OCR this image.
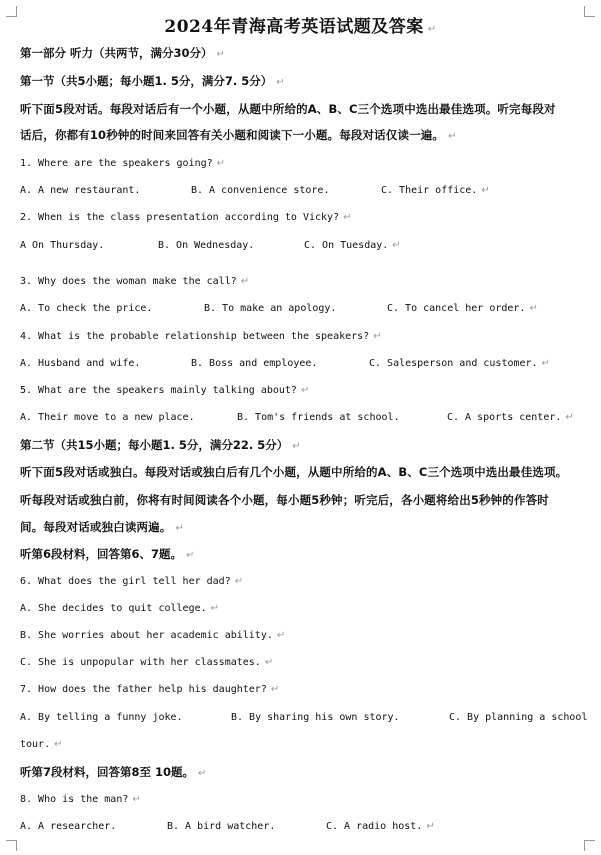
2024年青海高考英语试题及答案 ↵
第一部分 听力（共两节，满分30分） ↵
第一节（共5小题；每小题1. 5分，满分7. 5分） ↵
听下面5段对话。每段对话后有一个小题，从题中所给的A、B、C三个选项中选出最佳选项。听完每段对
话后，你都有10秒钟的时间来回答有关小题和阅读下一小题。每段对话仅读一遍。 ↵
1. Where are the speakers going? ↵
A. A new restaurant.	B. A convenience store.	C. Their office. ↵
2. When is the class presentation according to Vicky? ↵
A On Thursday.	B. On Wednesday.	C. On Tuesday. ↵
3. Why does the woman make the call? ↵
A. To check the price.	B. To make an apology.	C. To cancel her order. ↵
4. What is the probable relationship between the speakers? ↵
A. Husband and wife.	B. Boss and employee.	C. Salesperson and customer. ↵
5. What are the speakers mainly talking about? ↵
A. Their move to a new place.	B. Tom's friends at school.	C. A sports center. ↵
第二节（共15小题；每小题1. 5分，满分22. 5分） ↵
听下面5段对话或独白。每段对话或独白后有几个小题，从题中所给的A、B、C三个选项中选出最佳选项。
听每段对话或独白前，你将有时间阅读各个小题，每小题5秒钟；听完后，各小题将给出5秒钟的作答时
间。每段对话或独白读两遍。 ↵
听第6段材料，回答第6、7题。 ↵
6. What does the girl tell her dad? ↵
A. She decides to quit college. ↵
B. She worries about her academic ability. ↵
C. She is unpopular with her classmates. ↵
7. How does the father help his daughter? ↵
A. By telling a funny joke.	B. By sharing his own story.	C. By planning a school
tour. ↵
听第7段材料，回答第8至 10题。 ↵
8. Who is the man? ↵
A. A researcher.	B. A bird watcher.	C. A radio host. ↵
